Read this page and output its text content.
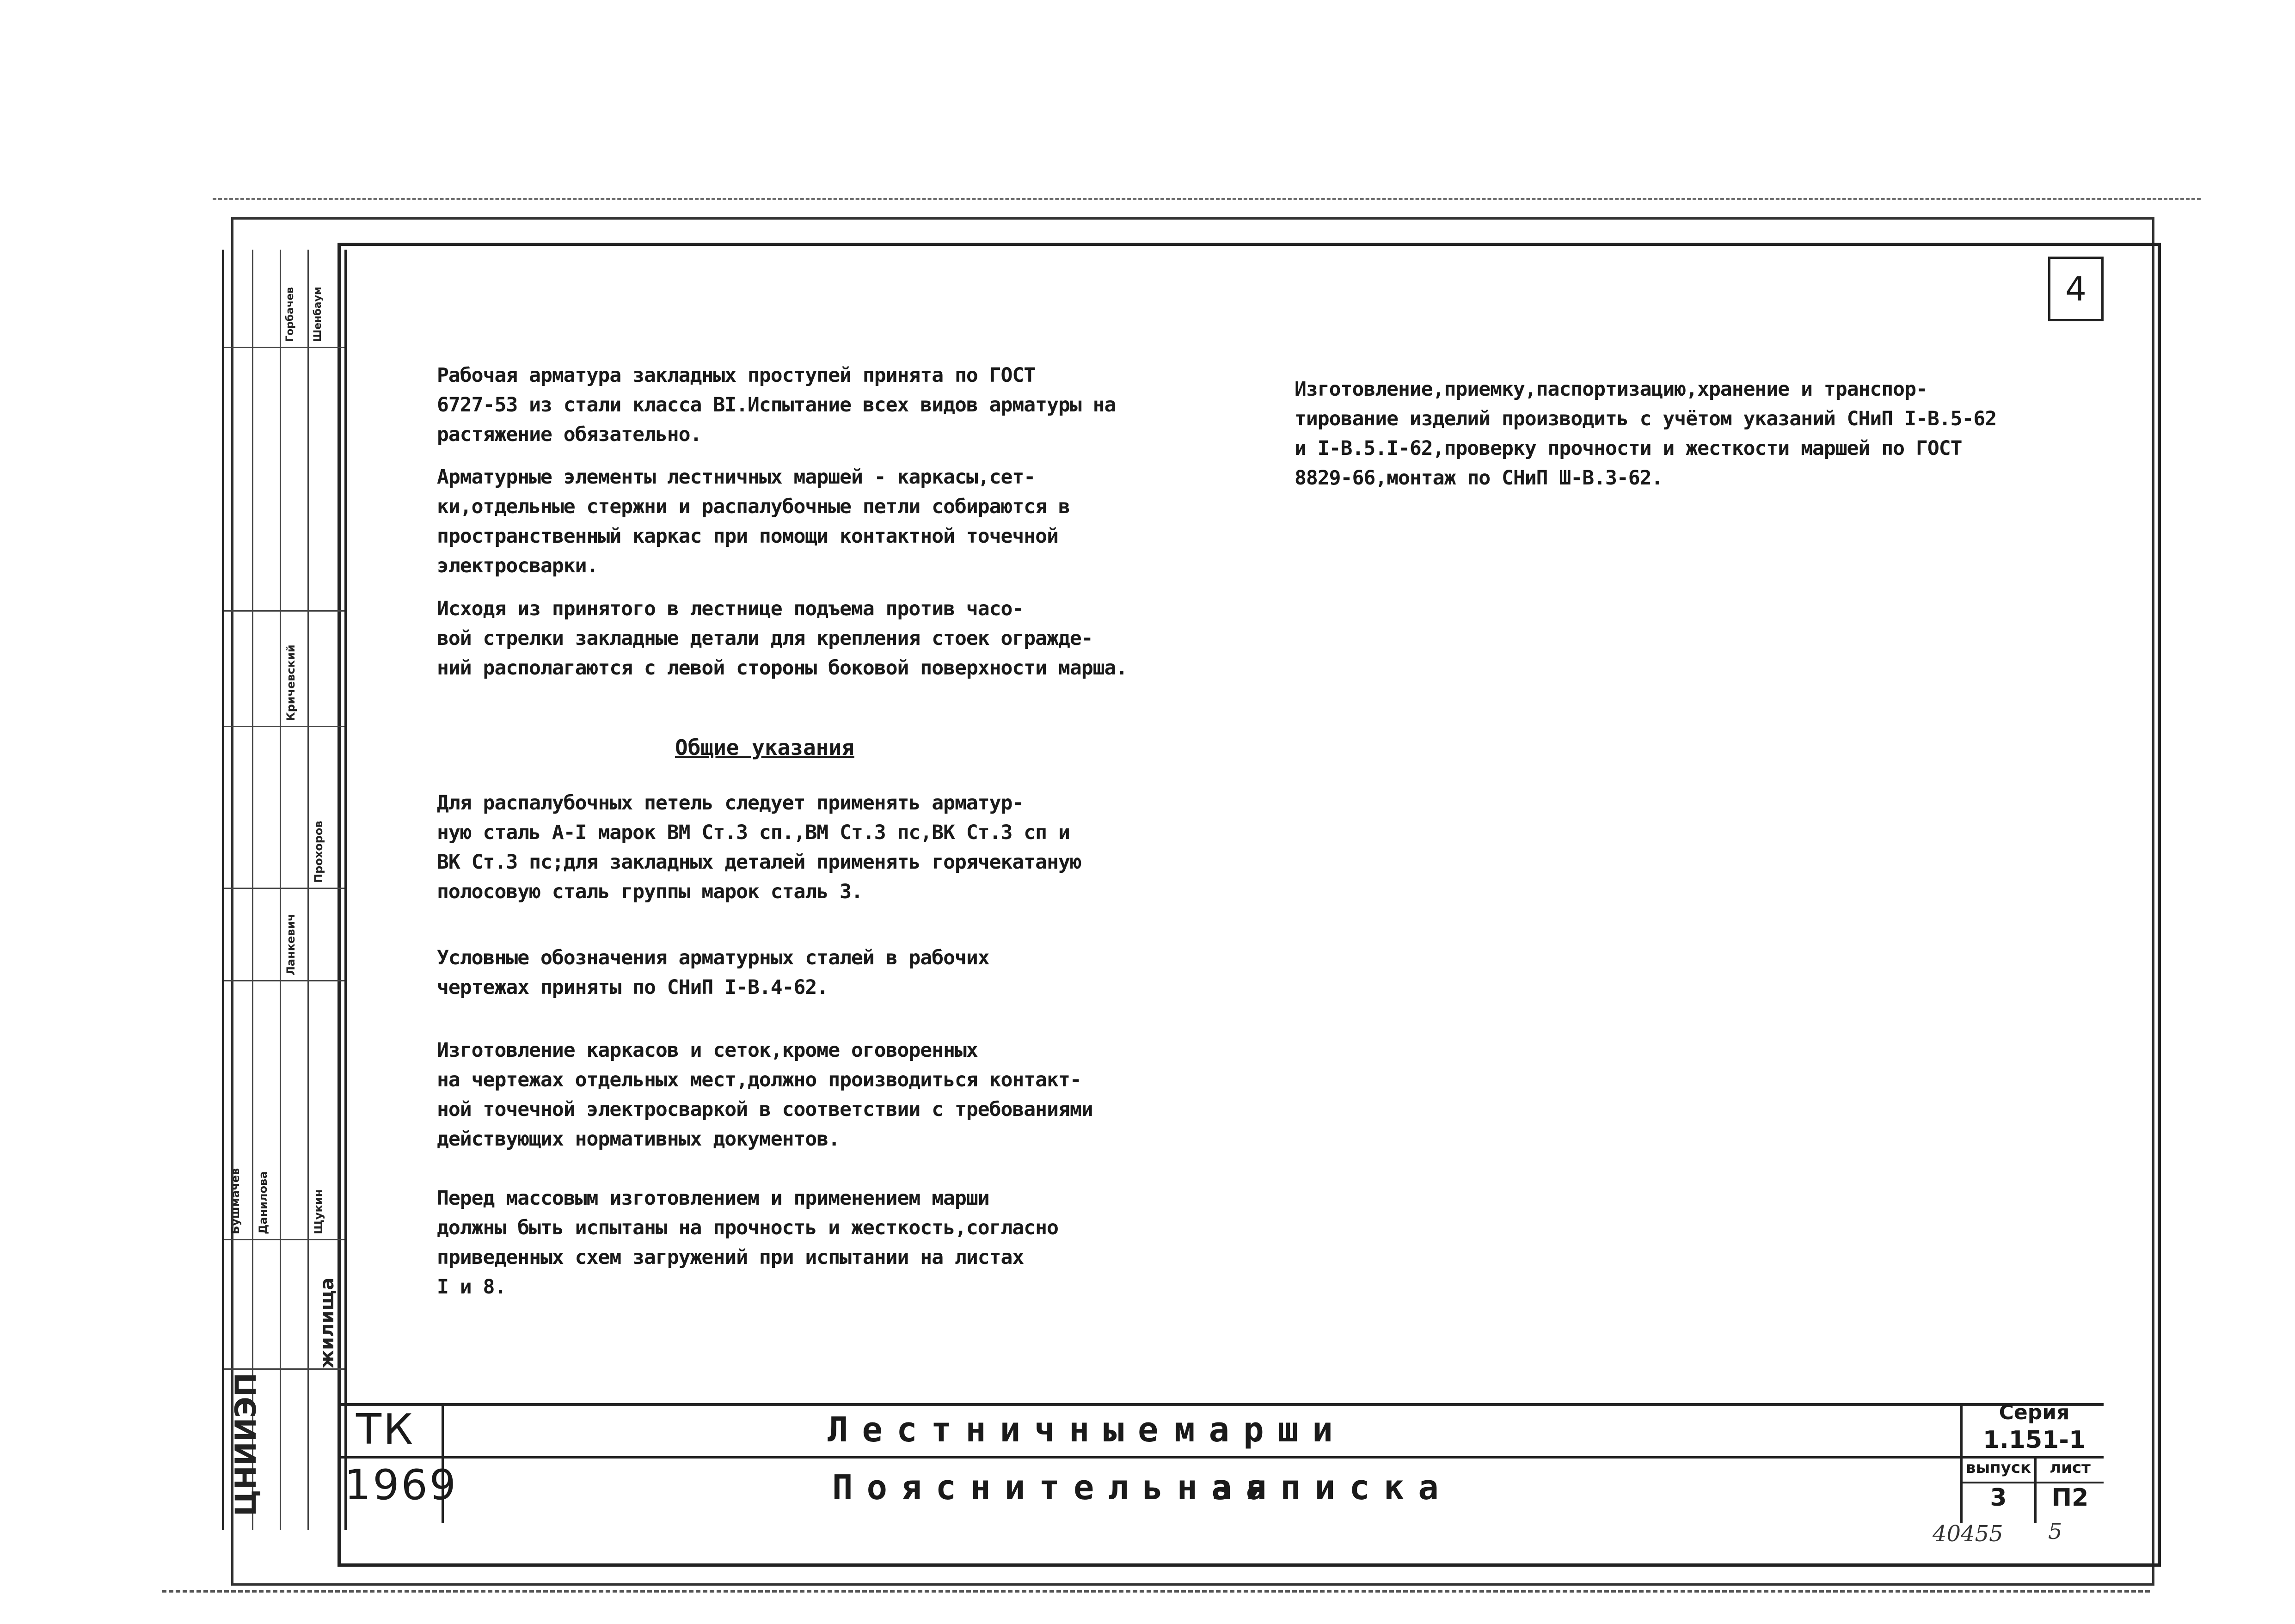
4
ЦНИИЭП
жилища
Кричевский
Ланкевич
Бушмачев Данилова	Щукин
Прохоров
Шенбаум
Горбачев
Рабочая арматура закладных проступей принята по ГОСТ
6727-53 из стали класса BI.Испытание всех видов арматуры на
растяжение обязательно.
Арматурные элементы лестничных маршей - каркасы,сет-
ки,отдельные стержни и распалубочные петли собираются в
пространственный каркас при помощи контактной точечной
электросварки.
Исходя из принятого в лестнице подъема против часо-
вой стрелки закладные детали для крепления стоек огражде-
ний располагаются с левой стороны боковой поверхности марша.
Общие указания
Для распалубочных петель следует применять арматур-
ную сталь А-I марок ВМ Ст.3 сп.,ВМ Ст.3 пс,ВК Ст.3 сп и
ВК Ст.3 пс;для закладных деталей применять горячекатаную
полосовую сталь группы марок сталь 3.
Условные обозначения арматурных сталей в рабочих
чертежах приняты по СНиП I-В.4-62.
Изготовление каркасов и сеток,кроме оговоренных
на чертежах отдельных мест,должно производиться контакт-
ной точечной электросваркой в соответствии с требованиями
действующих нормативных документов.
Перед массовым изготовлением и применением марши
должны быть испытаны на прочность и жесткость,согласно
приведенных схем загружений при испытании на листах
I и 8.
Изготовление,приемку,паспортизацию,хранение и транспор-
тирование изделий производить с учётом указаний СНиП I-В.5-62
и I-В.5.I-62,проверку прочности и жесткости маршей по ГОСТ
8829-66,монтаж по СНиП Ш-В.3-62.
ТК
1969
Лестничные марши
Пояснительная
записка
Серия
1.151-1
выпуск
3
лист
П2
40455 5
